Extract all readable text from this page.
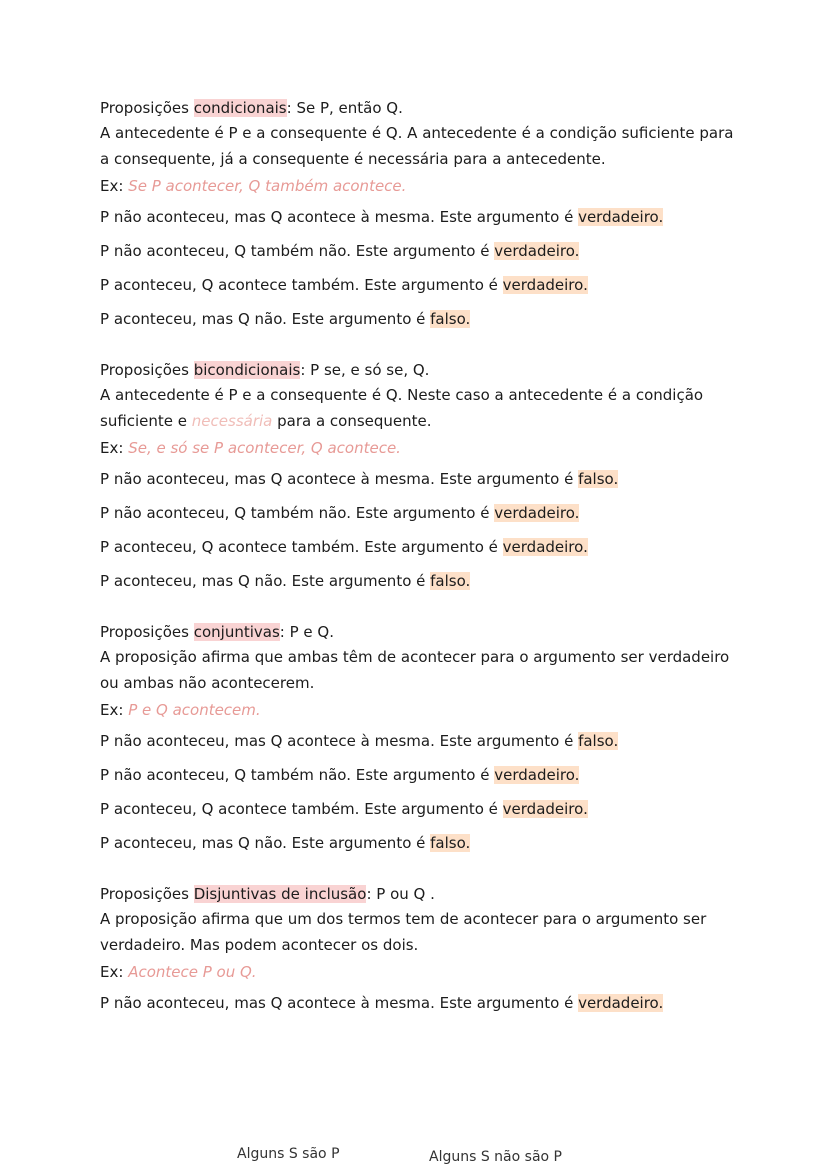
Proposições condicionais: Se P, então Q.
A antecedente é P e a consequente é Q. A antecedente é a condição suficiente para a consequente, já a consequente é necessária para a antecedente.
Ex: Se P acontecer, Q também acontece.
P não aconteceu, mas Q acontece à mesma. Este argumento é verdadeiro.
P não aconteceu, Q também não. Este argumento é verdadeiro.
P aconteceu, Q acontece também. Este argumento é verdadeiro.
P aconteceu, mas Q não. Este argumento é falso.
Proposições bicondicionais: P se, e só se, Q.
A antecedente é P e a consequente é Q. Neste caso a antecedente é a condição suficiente e necessária para a consequente.
Ex: Se, e só se P acontecer, Q acontece.
P não aconteceu, mas Q acontece à mesma. Este argumento é falso.
P não aconteceu, Q também não. Este argumento é verdadeiro.
P aconteceu, Q acontece também. Este argumento é verdadeiro.
P aconteceu, mas Q não. Este argumento é falso.
Proposições conjuntivas: P e Q.
A proposição afirma que ambas têm de acontecer para o argumento ser verdadeiro ou ambas não acontecerem.
Ex: P e Q acontecem.
P não aconteceu, mas Q acontece à mesma. Este argumento é falso.
P não aconteceu, Q também não. Este argumento é verdadeiro.
P aconteceu, Q acontece também. Este argumento é verdadeiro.
P aconteceu, mas Q não. Este argumento é falso.
Proposições Disjuntivas de inclusão: P ou Q .
A proposição afirma que um dos termos tem de acontecer para o argumento ser verdadeiro. Mas podem acontecer os dois.
Ex: Acontece P ou Q.
P não aconteceu, mas Q acontece à mesma. Este argumento é verdadeiro.
Alguns S são P	Alguns S não são P
